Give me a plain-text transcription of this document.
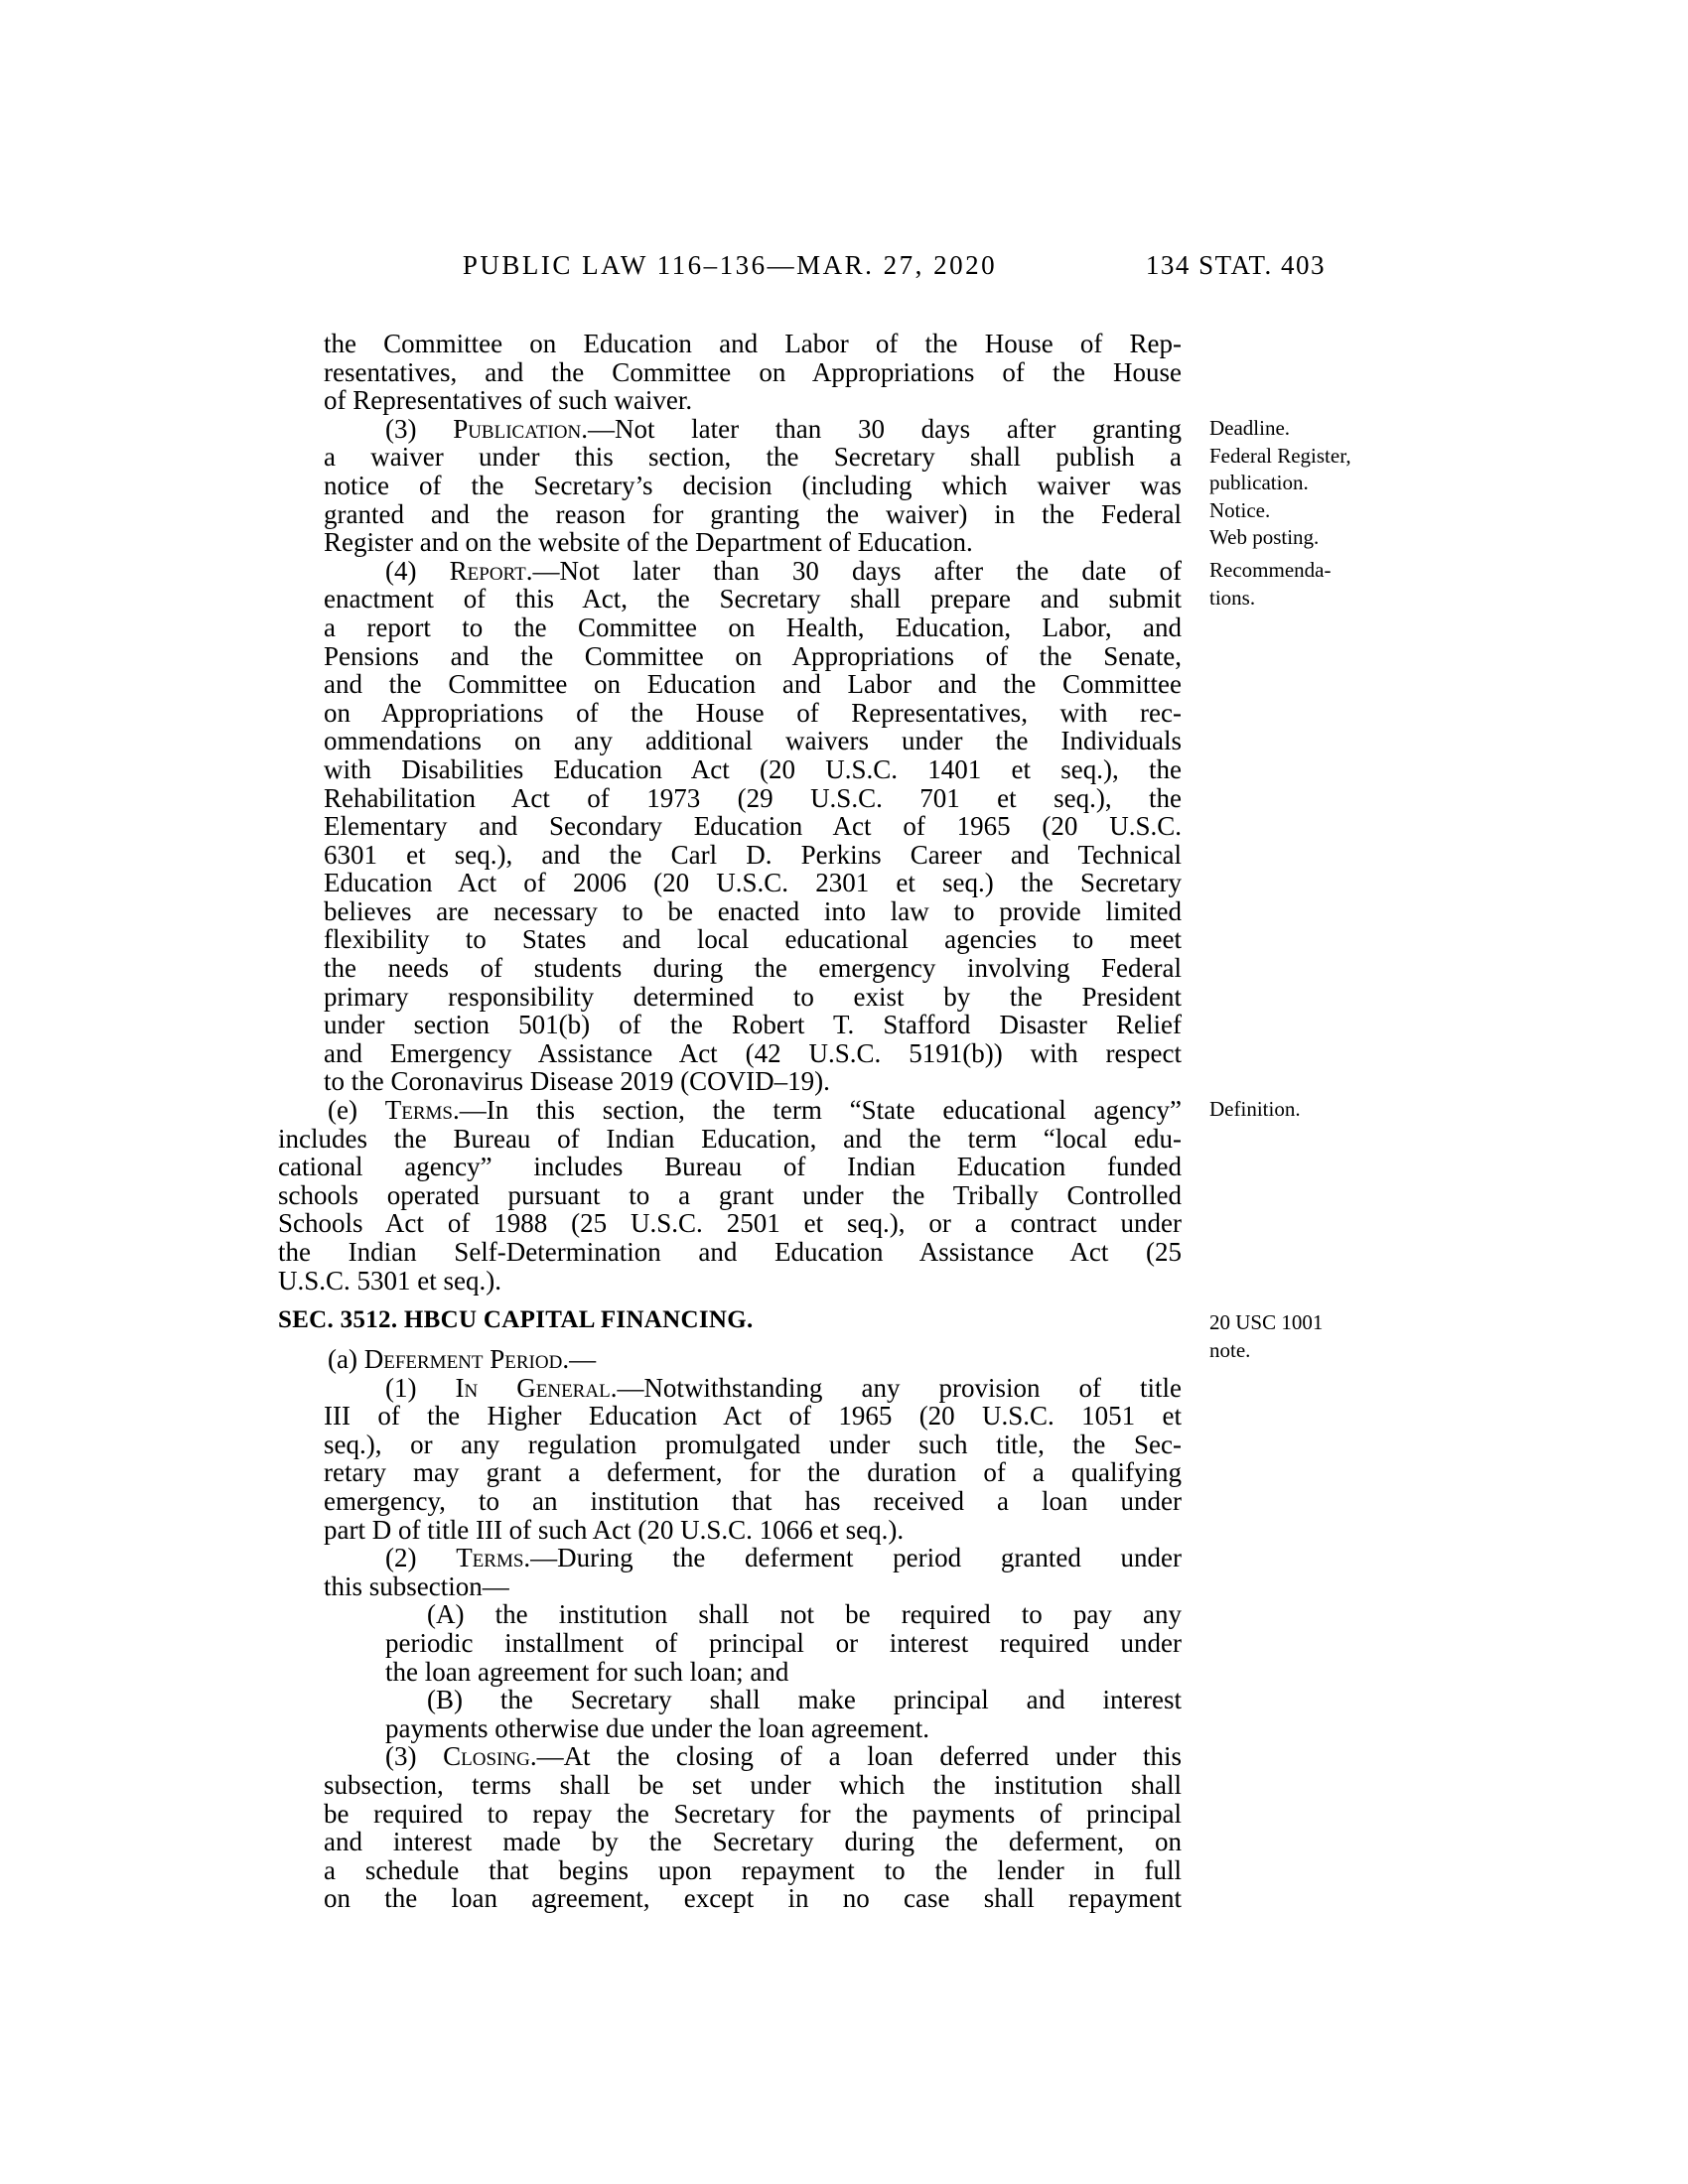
PUBLIC LAW 116–136—MAR. 27, 2020	134 STAT. 403
the Committee on Education and Labor of the House of Rep-
resentatives, and the Committee on Appropriations of the House
of Representatives of such waiver.
(3) Publication.—Not later than 30 days after granting
a waiver under this section, the Secretary shall publish a
notice of the Secretary’s decision (including which waiver was
granted and the reason for granting the waiver) in the Federal
Register and on the website of the Department of Education.
(4) Report.—Not later than 30 days after the date of
enactment of this Act, the Secretary shall prepare and submit
a report to the Committee on Health, Education, Labor, and
Pensions and the Committee on Appropriations of the Senate,
and the Committee on Education and Labor and the Committee
on Appropriations of the House of Representatives, with rec-
ommendations on any additional waivers under the Individuals
with Disabilities Education Act (20 U.S.C. 1401 et seq.), the
Rehabilitation Act of 1973 (29 U.S.C. 701 et seq.), the
Elementary and Secondary Education Act of 1965 (20 U.S.C.
6301 et seq.), and the Carl D. Perkins Career and Technical
Education Act of 2006 (20 U.S.C. 2301 et seq.) the Secretary
believes are necessary to be enacted into law to provide limited
flexibility to States and local educational agencies to meet
the needs of students during the emergency involving Federal
primary responsibility determined to exist by the President
under section 501(b) of the Robert T. Stafford Disaster Relief
and Emergency Assistance Act (42 U.S.C. 5191(b)) with respect
to the Coronavirus Disease 2019 (COVID–19).
(e) Terms.—In this section, the term “State educational agency”
includes the Bureau of Indian Education, and the term “local edu-
cational agency” includes Bureau of Indian Education funded
schools operated pursuant to a grant under the Tribally Controlled
Schools Act of 1988 (25 U.S.C. 2501 et seq.), or a contract under
the Indian Self-Determination and Education Assistance Act (25
U.S.C. 5301 et seq.).
SEC. 3512. HBCU CAPITAL FINANCING.
(a) Deferment Period.—
(1) In General.—Notwithstanding any provision of title
III of the Higher Education Act of 1965 (20 U.S.C. 1051 et
seq.), or any regulation promulgated under such title, the Sec-
retary may grant a deferment, for the duration of a qualifying
emergency, to an institution that has received a loan under
part D of title III of such Act (20 U.S.C. 1066 et seq.).
(2) Terms.—During the deferment period granted under
this subsection—
(A) the institution shall not be required to pay any
periodic installment of principal or interest required under
the loan agreement for such loan; and
(B) the Secretary shall make principal and interest
payments otherwise due under the loan agreement.
(3) Closing.—At the closing of a loan deferred under this
subsection, terms shall be set under which the institution shall
be required to repay the Secretary for the payments of principal
and interest made by the Secretary during the deferment, on
a schedule that begins upon repayment to the lender in full
on the loan agreement, except in no case shall repayment
Deadline.
Federal Register,
publication.
Notice.
Web posting.
Recommenda-
tions.
Definition.
20 USC 1001
note.
